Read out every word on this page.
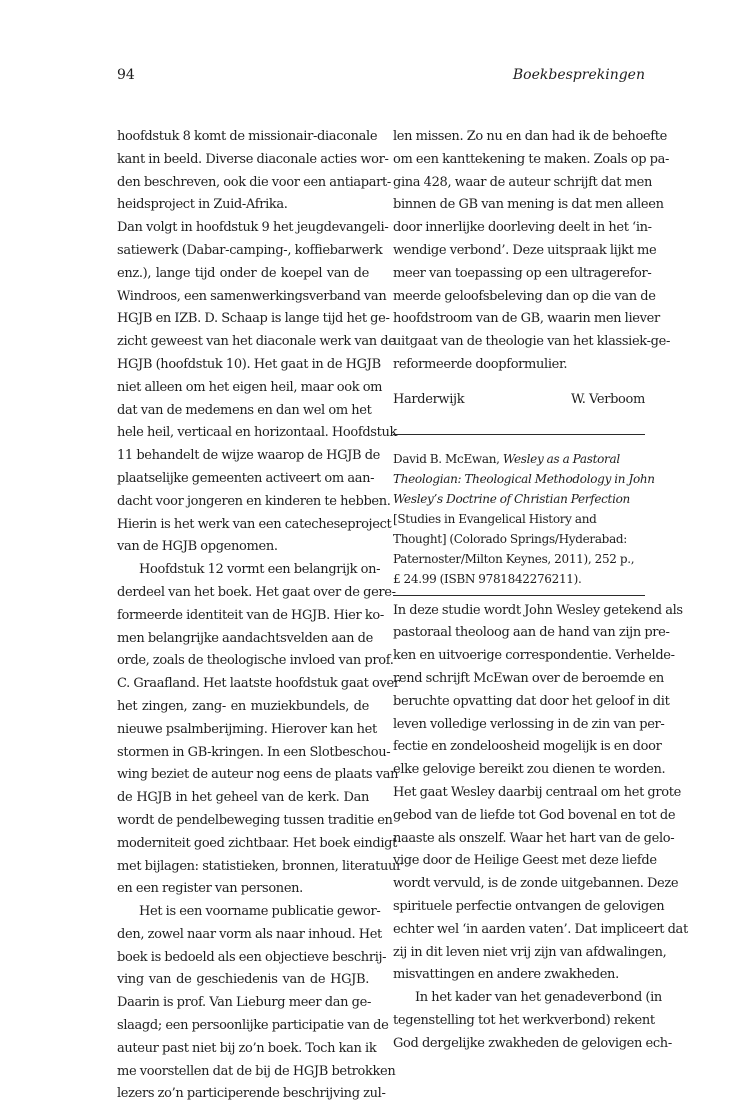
94	Boekbesprekingen
hoofdstuk 8 komt de missionair-diaconale
kant in beeld. Diverse diaconale acties wor-
den beschreven, ook die voor een antiapart-
heidsproject in Zuid-Afrika.
Dan volgt in hoofdstuk 9 het jeugdevangeli-
satiewerk (Dabar-camping-, koffiebarwerk
enz.), lange tijd onder de koepel van de
Windroos, een samenwerkingsverband van
HGJB en IZB. D. Schaap is lange tijd het ge-
zicht geweest van het diaconale werk van de
HGJB (hoofdstuk 10). Het gaat in de HGJB
niet alleen om het eigen heil, maar ook om
dat van de medemens en dan wel om het
hele heil, verticaal en horizontaal. Hoofdstuk
11 behandelt de wijze waarop de HGJB de
plaatselijke gemeenten activeert om aan-
dacht voor jongeren en kinderen te hebben.
Hierin is het werk van een catecheseproject
van de HGJB opgenomen.
Hoofdstuk 12 vormt een belangrijk on-
derdeel van het boek. Het gaat over de gere-
formeerde identiteit van de HGJB. Hier ko-
men belangrijke aandachtsvelden aan de
orde, zoals de theologische invloed van prof.
C. Graafland. Het laatste hoofdstuk gaat over
het zingen, zang- en muziekbundels, de
nieuwe psalmberijming. Hierover kan het
stormen in GB-kringen. In een Slotbeschou-
wing beziet de auteur nog eens de plaats van
de HGJB in het geheel van de kerk. Dan
wordt de pendelbeweging tussen traditie en
moderniteit goed zichtbaar. Het boek eindigt
met bijlagen: statistieken, bronnen, literatuur
en een register van personen.
Het is een voorname publicatie gewor-
den, zowel naar vorm als naar inhoud. Het
boek is bedoeld als een objectieve beschrij-
ving van de geschiedenis van de HGJB.
Daarin is prof. Van Lieburg meer dan ge-
slaagd; een persoonlijke participatie van de
auteur past niet bij zo’n boek. Toch kan ik
me voorstellen dat de bij de HGJB betrokken
lezers zo’n participerende beschrijving zul-
len missen. Zo nu en dan had ik de behoefte
om een kanttekening te maken. Zoals op pa-
gina 428, waar de auteur schrijft dat men
binnen de GB van mening is dat men alleen
door innerlijke doorleving deelt in het ‘in-
wendige verbond’. Deze uitspraak lijkt me
meer van toepassing op een ultragerefor-
meerde geloofsbeleving dan op die van de
hoofdstroom van de GB, waarin men liever
uitgaat van de theologie van het klassiek-ge-
reformeerde doopformulier.
Harderwijk	W. Verboom
David B. McEwan, Wesley as a Pastoral
Theologian: Theological Methodology in John
Wesley’s Doctrine of Christian Perfection
[Studies in Evangelical History and
Thought] (Colorado Springs/Hyderabad:
Paternoster/Milton Keynes, 2011), 252 p.,
£ 24.99 (ISBN 9781842276211).
In deze studie wordt John Wesley getekend als
pastoraal theoloog aan de hand van zijn pre-
ken en uitvoerige correspondentie. Verhelde-
rend schrijft McEwan over de beroemde en
beruchte opvatting dat door het geloof in dit
leven volledige verlossing in de zin van per-
fectie en zondeloosheid mogelijk is en door
elke gelovige bereikt zou dienen te worden.
Het gaat Wesley daarbij centraal om het grote
gebod van de liefde tot God bovenal en tot de
naaste als onszelf. Waar het hart van de gelo-
vige door de Heilige Geest met deze liefde
wordt vervuld, is de zonde uitgebannen. Deze
spirituele perfectie ontvangen de gelovigen
echter wel ‘in aarden vaten’. Dat impliceert dat
zij in dit leven niet vrij zijn van afdwalingen,
misvattingen en andere zwakheden.
In het kader van het genadeverbond (in
tegenstelling tot het werkverbond) rekent
God dergelijke zwakheden de gelovigen ech-
